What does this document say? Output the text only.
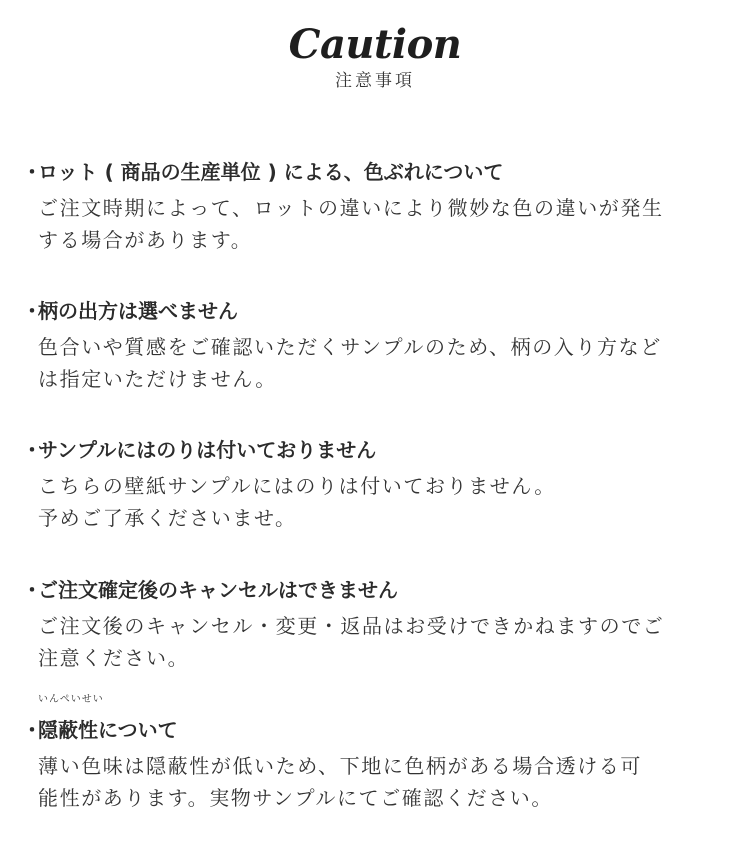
Caution
注意事項
・
ロット ( 商品の生産単位 ) による、色ぶれについて
ご注文時期によって、ロットの違いにより微妙な色の違いが発生
する場合があります。
・
柄の出方は選べません
色合いや質感をご確認いただくサンプルのため、柄の入り方など
は指定いただけません。
・
サンプルにはのりは付いておりません
こちらの壁紙サンプルにはのりは付いておりません。
予めご了承くださいませ。
・
ご注文確定後のキャンセルはできません
ご注文後のキャンセル・変更・返品はお受けできかねますのでご
注意ください。
いんぺいせい
・
隠蔽性について
薄い色味は隠蔽性が低いため、下地に色柄がある場合透ける可
能性があります。実物サンプルにてご確認ください。
